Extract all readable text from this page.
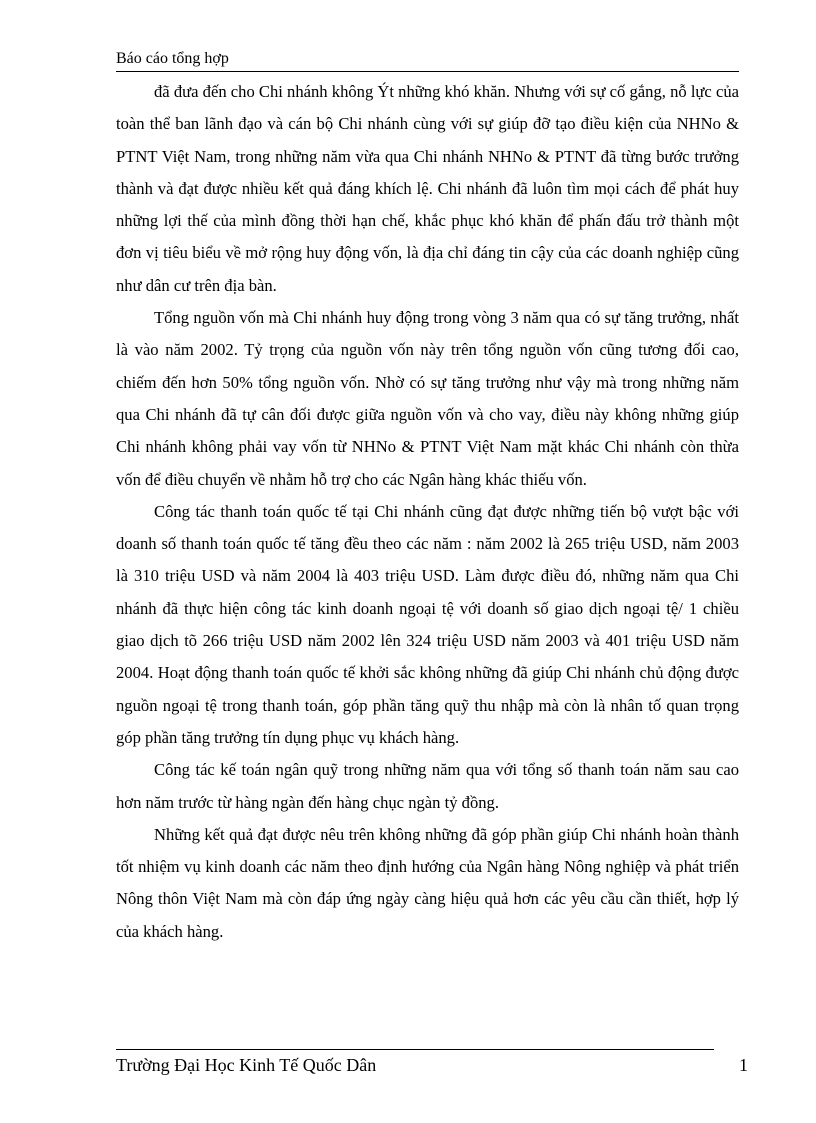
Báo cáo tổng hợp

đã đưa đến cho Chi nhánh không Ýt những khó khăn. Nhưng với sự cố gắng, nỗ lực của toàn thể ban lãnh đạo và cán bộ Chi nhánh cùng với sự giúp đỡ tạo điều kiện của NHNo & PTNT Việt Nam, trong những năm vừa qua Chi nhánh NHNo & PTNT đã từng bước trưởng thành và đạt được nhiều kết quả đáng khích lệ. Chi nhánh đã luôn tìm mọi cách để phát huy những lợi thế của mình đồng thời hạn chế, khắc phục khó khăn để phấn đấu trở thành một đơn vị tiêu biểu về mở rộng huy động vốn, là địa chỉ đáng tin cậy của các doanh nghiệp cũng như dân cư trên địa bàn.

Tổng nguồn vốn mà Chi nhánh huy động trong vòng 3 năm qua có sự tăng trưởng, nhất là vào năm 2002. Tỷ trọng của nguồn vốn này trên tổng nguồn vốn cũng tương đối cao, chiếm đến hơn 50% tổng nguồn vốn. Nhờ có sự tăng trưởng như vậy mà trong những năm qua Chi nhánh đã tự cân đối được giữa nguồn vốn và cho vay, điều này không những giúp Chi nhánh không phải vay vốn từ NHNo & PTNT Việt Nam mặt khác Chi nhánh còn thừa vốn để điều chuyển về nhằm hỗ trợ cho các Ngân hàng khác thiếu vốn.

Công tác thanh toán quốc tế tại Chi nhánh cũng đạt được những tiến bộ vượt bậc với doanh số thanh toán quốc tế tăng đều theo các năm : năm 2002 là 265 triệu USD, năm 2003 là 310 triệu USD và năm 2004 là 403 triệu USD. Làm được điều đó, những năm qua Chi nhánh đã thực hiện công tác kinh doanh ngoại tệ với doanh số giao dịch ngoại tệ/ 1 chiều giao dịch tõ 266 triệu USD năm 2002 lên 324 triệu USD năm 2003 và 401 triệu USD năm 2004. Hoạt động thanh toán quốc tế khởi sắc không những đã giúp Chi nhánh chủ động được nguồn ngoại tệ trong thanh toán, góp phần tăng quỹ thu nhập mà còn là nhân tố quan trọng góp phần tăng trưởng tín dụng phục vụ khách hàng.

Công tác kế toán ngân quỹ trong những năm qua với tổng số thanh toán năm sau cao hơn năm trước từ hàng ngàn đến hàng chục ngàn tỷ đồng.

Những kết quả đạt được nêu trên không những đã góp phần giúp Chi nhánh hoàn thành tốt nhiệm vụ kinh doanh các năm theo định hướng của Ngân hàng Nông nghiệp và phát triển Nông thôn Việt Nam mà còn đáp ứng ngày càng hiệu quả hơn các yêu cầu cần thiết, hợp lý của khách hàng.

Trường Đại Học Kinh Tế Quốc Dân	1
